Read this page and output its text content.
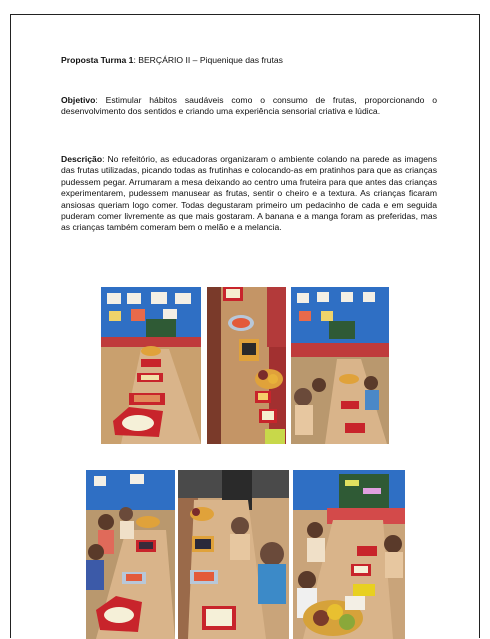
Proposta Turma 1: BERÇÁRIO II – Piquenique das frutas
Objetivo: Estimular hábitos saudáveis como o consumo de frutas, proporcionando o desenvolvimento dos sentidos e criando uma experiência sensorial criativa e lúdica.
Descrição: No refeitório, as educadoras organizaram o ambiente colando na parede as imagens das frutas utilizadas, picando todas as frutinhas e colocando-as em pratinhos para que as crianças pudessem pegar. Arrumaram a mesa deixando ao centro uma fruteira para que antes das crianças experimentarem, pudessem manusear as frutas, sentir o cheiro e a textura. As crianças ficaram ansiosas queriam logo comer. Todas degustaram primeiro um pedacinho de cada e em seguida puderam comer livremente as que mais gostaram. A banana e a manga foram as preferidas, mas as crianças também comeram bem o melão e a melancia.
